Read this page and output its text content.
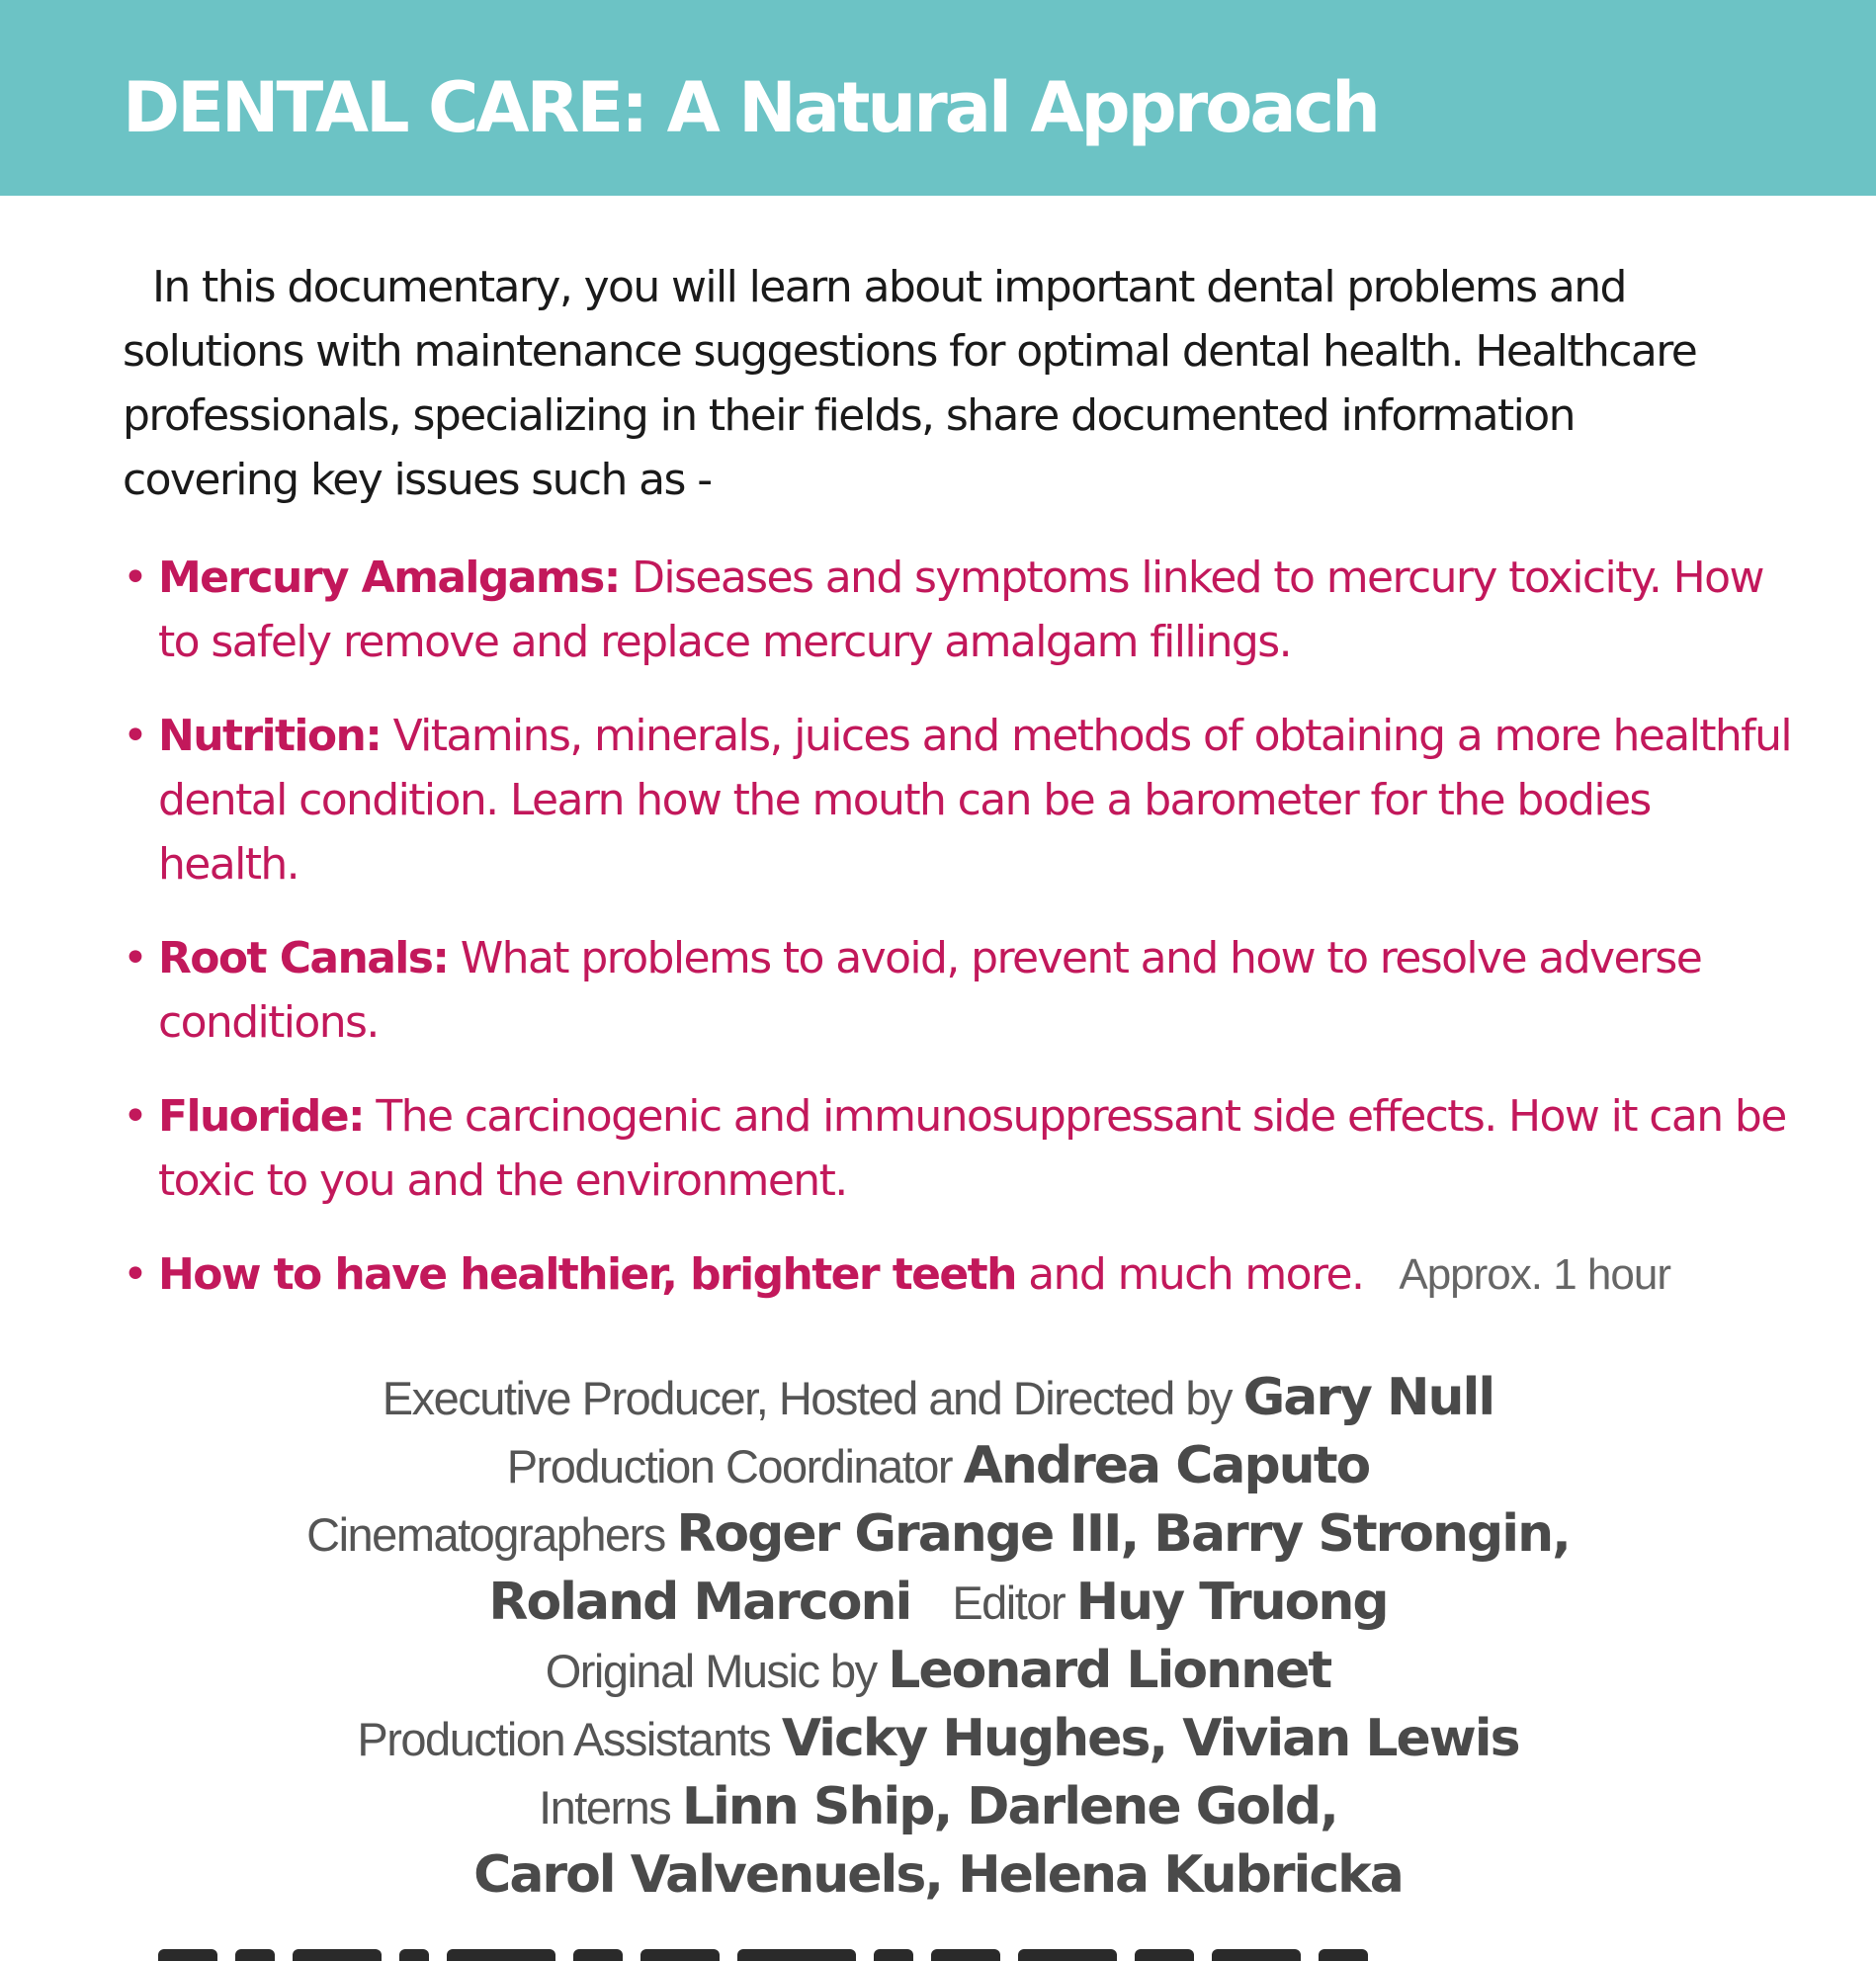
DENTAL CARE: A Natural Approach

In this documentary, you will learn about important dental problems and solutions with maintenance suggestions for optimal dental health. Healthcare professionals, specializing in their fields, share documented information covering key issues such as -

• Mercury Amalgams: Diseases and symptoms linked to mercury toxicity. How to safely remove and replace mercury amalgam fillings.
• Nutrition: Vitamins, minerals, juices and methods of obtaining a more healthful dental condition. Learn how the mouth can be a barometer for the bodies health.
• Root Canals: What problems to avoid, prevent and how to resolve adverse conditions.
• Fluoride: The carcinogenic and immunosuppressant side effects. How it can be toxic to you and the environment.
• How to have healthier, brighter teeth and much more. Approx. 1 hour
Executive Producer, Hosted and Directed by Gary Null
Production Coordinator Andrea Caputo
Cinematographers Roger Grange III, Barry Strongin,
Roland Marconi Editor Huy Truong
Original Music by Leonard Lionnet
Production Assistants Vicky Hughes, Vivian Lewis
Interns Linn Ship, Darlene Gold,
Carol Valvenuels, Helena Kubricka
